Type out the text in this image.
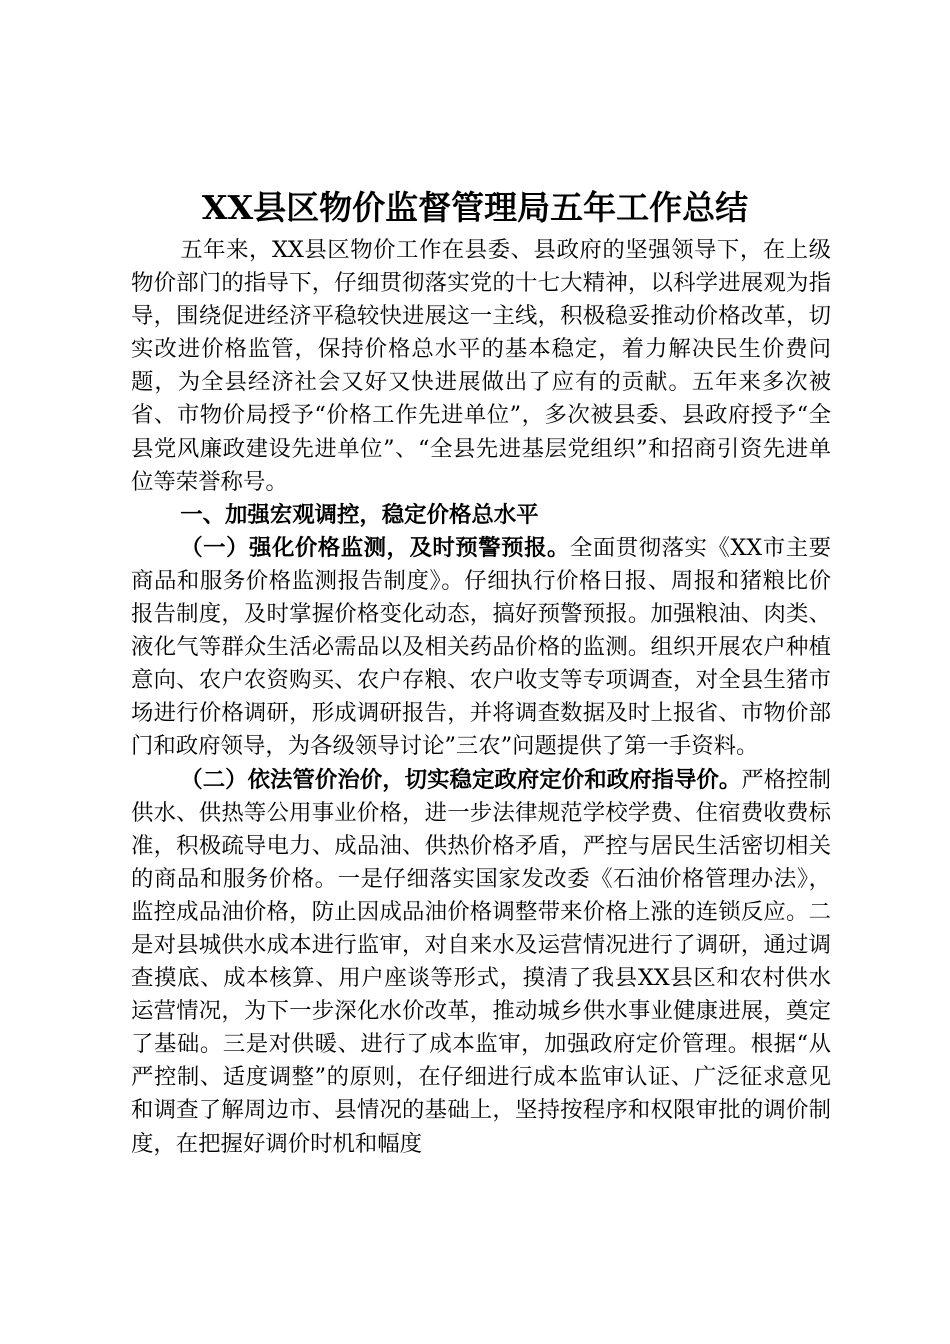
XX县区物价监督管理局五年工作总结

五年来，XX县区物价工作在县委、县政府的坚强领导下，在上级物价部门的指导下，仔细贯彻落实党的十七大精神，以科学进展观为指导，围绕促进经济平稳较快进展这一主线，积极稳妥推动价格改革，切实改进价格监管，保持价格总水平的基本稳定，着力解决民生价费问题，为全县经济社会又好又快进展做出了应有的贡献。五年来多次被省、市物价局授予“价格工作先进单位”，多次被县委、县政府授予“全县党风廉政建设先进单位”、“全县先进基层党组织”和招商引资先进单位等荣誉称号。

一、加强宏观调控，稳定价格总水平

（一）强化价格监测，及时预警预报。全面贯彻落实《XX市主要商品和服务价格监测报告制度》。仔细执行价格日报、周报和猪粮比价报告制度，及时掌握价格变化动态，搞好预警预报。加强粮油、肉类、液化气等群众生活必需品以及相关药品价格的监测。组织开展农户种植意向、农户农资购买、农户存粮、农户收支等专项调查，对全县生猪市场进行价格调研，形成调研报告，并将调查数据及时上报省、市物价部门和政府领导，为各级领导讨论”三农”问题提供了第一手资料。

（二）依法管价治价，切实稳定政府定价和政府指导价。严格控制供水、供热等公用事业价格，进一步法律规范学校学费、住宿费收费标准，积极疏导电力、成品油、供热价格矛盾，严控与居民生活密切相关的商品和服务价格。一是仔细落实国家发改委《石油价格管理办法》，监控成品油价格，防止因成品油价格调整带来价格上涨的连锁反应。二是对县城供水成本进行监审，对自来水及运营情况进行了调研，通过调查摸底、成本核算、用户座谈等形式，摸清了我县XX县区和农村供水运营情况，为下一步深化水价改革，推动城乡供水事业健康进展，奠定了基础。三是对供暖、进行了成本监审，加强政府定价管理。根据“从严控制、适度调整”的原则，在仔细进行成本监审认证、广泛征求意见和调查了解周边市、县情况的基础上，坚持按程序和权限审批的调价制度，在把握好调价时机和幅度
